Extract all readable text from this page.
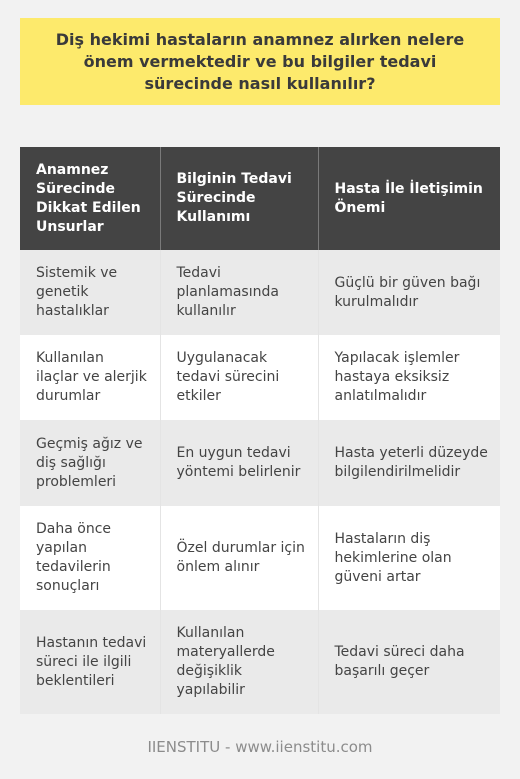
Diş hekimi hastaların anamnez alırken nelere önem vermektedir ve bu bilgiler tedavi sürecinde nasıl kullanılır?
Anamnez Sürecinde Dikkat Edilen Unsurlar	Bilginin Tedavi Sürecinde Kullanımı	Hasta İle İletişimin Önemi
Sistemik ve genetik hastalıklar	Tedavi planlamasında kullanılır	Güçlü bir güven bağı kurulmalıdır
Kullanılan ilaçlar ve alerjik durumlar	Uygulanacak tedavi sürecini etkiler	Yapılacak işlemler hastaya eksiksiz anlatılmalıdır
Geçmiş ağız ve diş sağlığı problemleri	En uygun tedavi yöntemi belirlenir	Hasta yeterli düzeyde bilgilendirilmelidir
Daha önce yapılan tedavilerin sonuçları	Özel durumlar için önlem alınır	Hastaların diş hekimlerine olan güveni artar
Hastanın tedavi süreci ile ilgili beklentileri	Kullanılan materyallerde değişiklik yapılabilir	Tedavi süreci daha başarılı geçer
IIENSTITU - www.iienstitu.com
